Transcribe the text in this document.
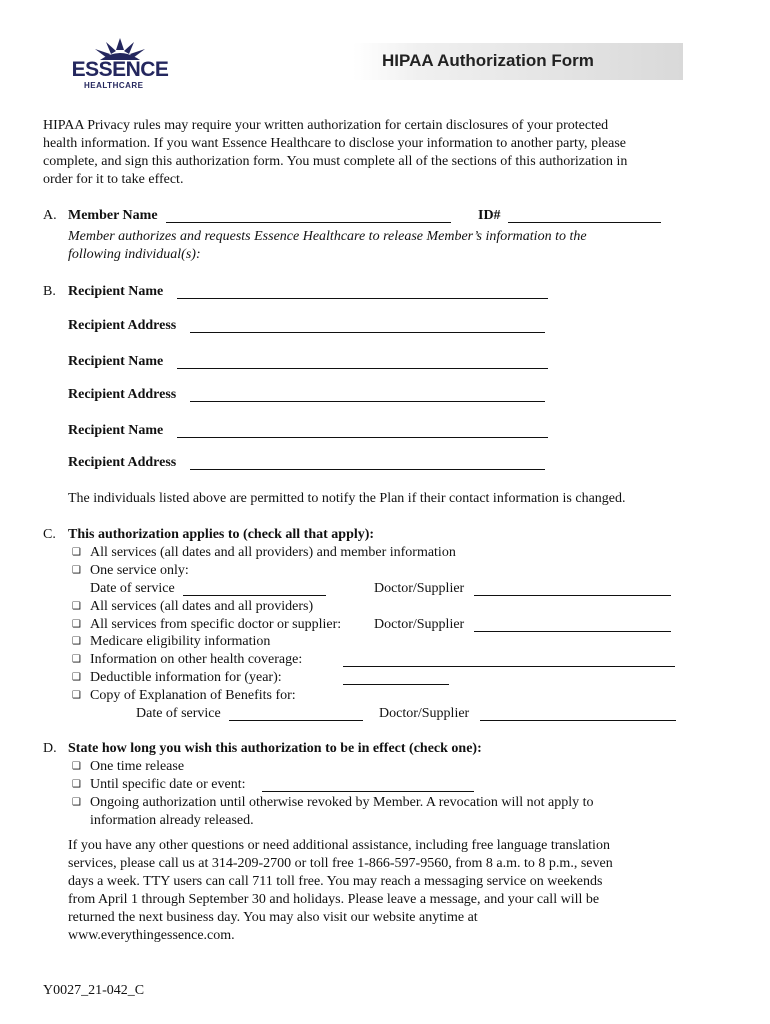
ESSENCE
HEALTHCARE
HIPAA Authorization Form
HIPAA Privacy rules may require your written authorization for certain disclosures of your protected
health information. If you want Essence Healthcare to disclose your information to another party, please
complete, and sign this authorization form. You must complete all of the sections of this authorization in
order for it to take effect.
A. Member Name	ID#
Member authorizes and requests Essence Healthcare to release Member’s information to the
following individual(s):
B. Recipient Name
Recipient Address
Recipient Name
Recipient Address
Recipient Name
Recipient Address
The individuals listed above are permitted to notify the Plan if their contact information is changed.
C. This authorization applies to (check all that apply):
❑ All services (all dates and all providers) and member information
❑ One service only:
Date of service	Doctor/Supplier
❑ All services (all dates and all providers)
❑ All services from specific doctor or supplier: Doctor/Supplier
❑ Medicare eligibility information
❑ Information on other health coverage:
❑ Deductible information for (year):
❑ Copy of Explanation of Benefits for:
Date of service	Doctor/Supplier
D. State how long you wish this authorization to be in effect (check one):
❑ One time release
❑ Until specific date or event:
❑ Ongoing authorization until otherwise revoked by Member. A revocation will not apply to
information already released.
If you have any other questions or need additional assistance, including free language translation
services, please call us at 314-209-2700 or toll free 1-866-597-9560, from 8 a.m. to 8 p.m., seven
days a week. TTY users can call 711 toll free. You may reach a messaging service on weekends
from April 1 through September 30 and holidays. Please leave a message, and your call will be
returned the next business day. You may also visit our website anytime at
www.everythingessence.com.
Y0027_21-042_C
